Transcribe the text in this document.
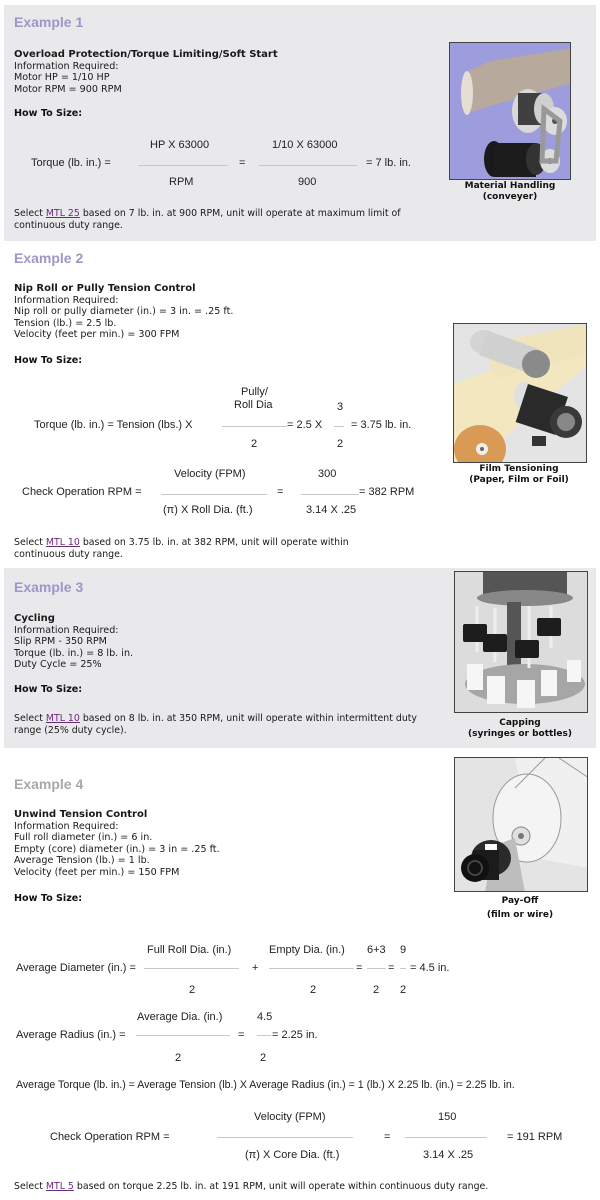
Example 1
Overload Protection/Torque Limiting/Soft Start
Information Required:
Motor HP = 1/10 HP
Motor RPM = 900 RPM
How To Size:
Torque (lb. in.) =
HP X 63000
RPM
=
1/10 X 63000
900
= 7 lb. in.
Select MTL 25 based on 7 lb. in. at 900 RPM, unit will operate at maximum limit of continuous duty range.
Material Handling
(conveyer)
Example 2
Nip Roll or Pully Tension Control
Information Required:
Nip roll or pully diameter (in.) = 3 in. = .25 ft.
Tension (lb.) = 2.5 lb.
Velocity (feet per min.) = 300 FPM
How To Size:
Torque (lb. in.) = Tension (lbs.) X
Pully/
Roll Dia
2
= 2.5 X
3
2
= 3.75 lb. in.
Check Operation RPM =
Velocity (FPM)
(π) X Roll Dia. (ft.)
=
300
3.14 X .25
= 382 RPM
Select MTL 10 based on 3.75 lb. in. at 382 RPM, unit will operate within continuous duty range.
Film Tensioning
(Paper, Film or Foil)
Example 3
Cycling
Information Required:
Slip RPM - 350 RPM
Torque (lb. in.) = 8 lb. in.
Duty Cycle = 25%
How To Size:
Select MTL 10 based on 8 lb. in. at 350 RPM, unit will operate within intermittent duty range (25% duty cycle).
Capping
(syringes or bottles)
Example 4
Unwind Tension Control
Information Required:
Full roll diameter (in.) = 6 in.
Empty (core) diameter (in.) = 3 in = .25 ft.
Average Tension (lb.) = 1 lb.
Velocity (feet per min.) = 150 FPM
How To Size:
Average Diameter (in.) =
Full Roll Dia. (in.)
2
+
Empty Dia. (in.)
2
=
6+3
2
=
9
2
= 4.5 in.
Average Radius (in.) =
Average Dia. (in.)
2
=
4.5
2
= 2.25 in.
Average Torque (lb. in.) = Average Tension (lb.) X Average Radius (in.) = 1 (lb.) X 2.25 lb. (in.) = 2.25 lb. in.
Check Operation RPM =
Velocity (FPM)
(π) X Core Dia. (ft.)
=
150
3.14 X .25
= 191 RPM
Select MTL 5 based on torque 2.25 lb. in. at 191 RPM, unit will operate within continuous duty range.
Pay-Off
(film or wire)
